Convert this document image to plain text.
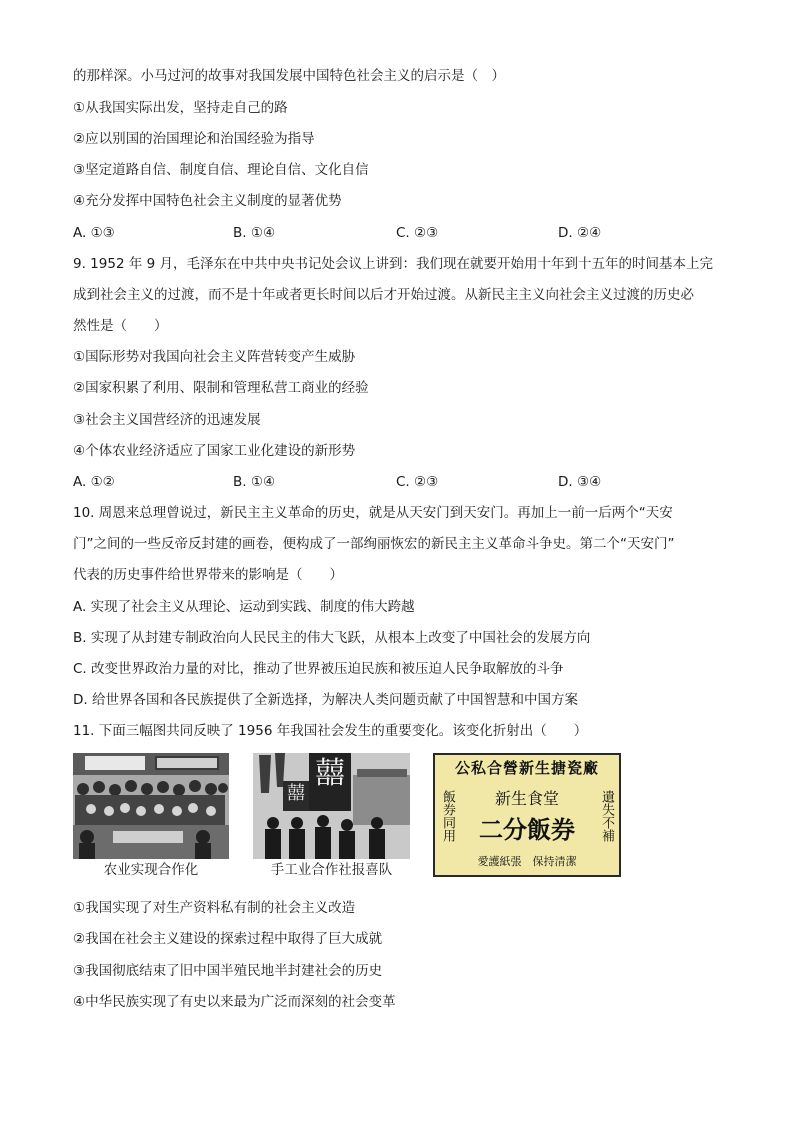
的那样深。小马过河的故事对我国发展中国特色社会主义的启示是（　）
①从我国实际出发，坚持走自己的路
②应以别国的治国理论和治国经验为指导
③坚定道路自信、制度自信、理论自信、文化自信
④充分发挥中国特色社会主义制度的显著优势
A. ①③	B. ①④	C. ②③	D. ②④
9. 1952 年 9 月，毛泽东在中共中央书记处会议上讲到：我们现在就要开始用十年到十五年的时间基本上完
成到社会主义的过渡，而不是十年或者更长时间以后才开始过渡。从新民主主义向社会主义过渡的历史必
然性是（　　）
①国际形势对我国向社会主义阵营转变产生威胁
②国家积累了利用、限制和管理私营工商业的经验
③社会主义国营经济的迅速发展
④个体农业经济适应了国家工业化建设的新形势
A. ①②	B. ①④	C. ②③	D. ③④
10. 周恩来总理曾说过，新民主主义革命的历史，就是从天安门到天安门。再加上一前一后两个“天安
门”之间的一些反帝反封建的画卷，便构成了一部绚丽恢宏的新民主主义革命斗争史。第二个“天安门”
代表的历史事件给世界带来的影响是（　　）
A. 实现了社会主义从理论、运动到实践、制度的伟大跨越
B. 实现了从封建专制政治向人民民主的伟大飞跃，从根本上改变了中国社会的发展方向
C. 改变世界政治力量的对比，推动了世界被压迫民族和被压迫人民争取解放的斗争
D. 给世界各国和各民族提供了全新选择，为解决人类问题贡献了中国智慧和中国方案
11. 下面三幅图共同反映了 1956 年我国社会发生的重要变化。该变化折射出（　　）
农业实现合作化
囍
囍
手工业合作社报喜队
公私合營新生搪瓷廠
飯券同用	新生食堂
二分飯券	遺失不補
愛護紙張　保持清潔
①我国实现了对生产资料私有制的社会主义改造
②我国在社会主义建设的探索过程中取得了巨大成就
③我国彻底结束了旧中国半殖民地半封建社会的历史
④中华民族实现了有史以来最为广泛而深刻的社会变革
